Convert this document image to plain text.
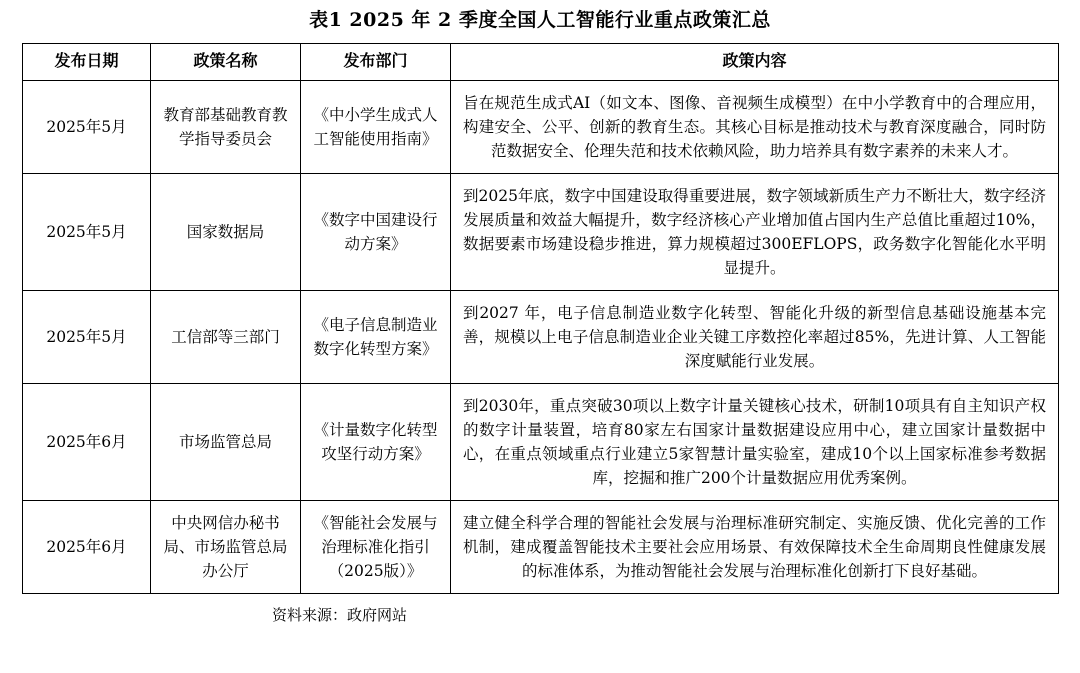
表1 2025 年 2 季度全国人工智能行业重点政策汇总
发布日期	政策名称	发布部门	政策内容
2025年5月	教育部基础教育教学指导委员会	《中小学生成式人工智能使用指南》	旨在规范生成式AI（如文本、图像、音视频生成模型）在中小学教育中的合理应用，构建安全、公平、创新的教育生态。其核心目标是推动技术与教育深度融合，同时防范数据安全、伦理失范和技术依赖风险，助力培养具有数字素养的未来人才。
2025年5月	国家数据局	《数字中国建设行动方案》	到2025年底，数字中国建设取得重要进展，数字领域新质生产力不断壮大，数字经济发展质量和效益大幅提升，数字经济核心产业增加值占国内生产总值比重超过10%，数据要素市场建设稳步推进，算力规模超过300EFLOPS，政务数字化智能化水平明显提升。
2025年5月	工信部等三部门	《电子信息制造业数字化转型方案》	到2027 年，电子信息制造业数字化转型、智能化升级的新型信息基础设施基本完善，规模以上电子信息制造业企业关键工序数控化率超过85%，先进计算、人工智能深度赋能行业发展。
2025年6月	市场监管总局	《计量数字化转型攻坚行动方案》	到2030年，重点突破30项以上数字计量关键核心技术，研制10项具有自主知识产权的数字计量装置，培育80家左右国家计量数据建设应用中心，建立国家计量数据中心，在重点领域重点行业建立5家智慧计量实验室，建成10个以上国家标准参考数据库，挖掘和推广200个计量数据应用优秀案例。
2025年6月	中央网信办秘书局、市场监管总局办公厅	《智能社会发展与治理标准化指引（2025版）》	建立健全科学合理的智能社会发展与治理标准研究制定、实施反馈、优化完善的工作机制，建成覆盖智能技术主要社会应用场景、有效保障技术全生命周期良性健康发展的标准体系，为推动智能社会发展与治理标准化创新打下良好基础。
资料来源：政府网站
